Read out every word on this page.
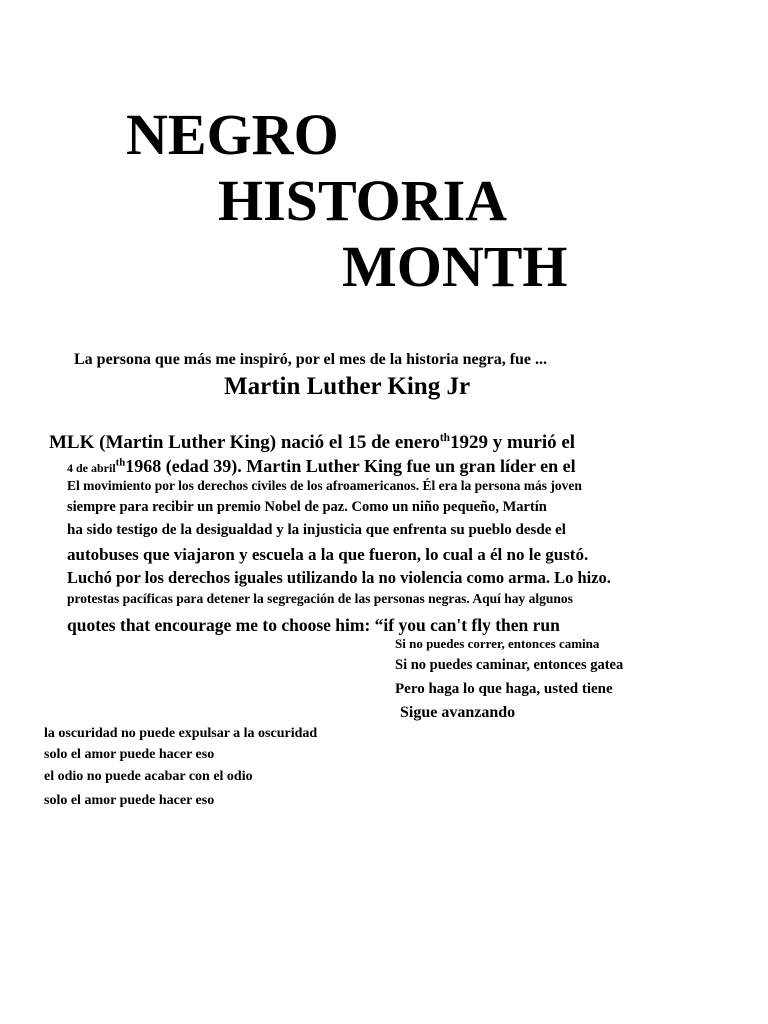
NEGRO
HISTORIA
MONTH
La persona que más me inspiró, por el mes de la historia negra, fue ...
Martin Luther King Jr
MLK (Martin Luther King) nació el 15 de enero$^{th}$1929 y murió el
4 de abril$^{th}$1968 (edad 39). Martin Luther King fue un gran líder en el
El movimiento por los derechos civiles de los afroamericanos. Él era la persona más joven
siempre para recibir un premio Nobel de paz. Como un niño pequeño, Martín
ha sido testigo de la desigualdad y la injusticia que enfrenta su pueblo desde el
autobuses que viajaron y escuela a la que fueron, lo cual a él no le gustó.
Luchó por los derechos iguales utilizando la no violencia como arma. Lo hizo.
protestas pacíficas para detener la segregación de las personas negras. Aquí hay algunos
quotes that encourage me to choose him: “if you can't fly then run
Si no puedes correr, entonces camina
Si no puedes caminar, entonces gatea
Pero haga lo que haga, usted tiene
Sigue avanzando
la oscuridad no puede expulsar a la oscuridad
solo el amor puede hacer eso
el odio no puede acabar con el odio
solo el amor puede hacer eso
